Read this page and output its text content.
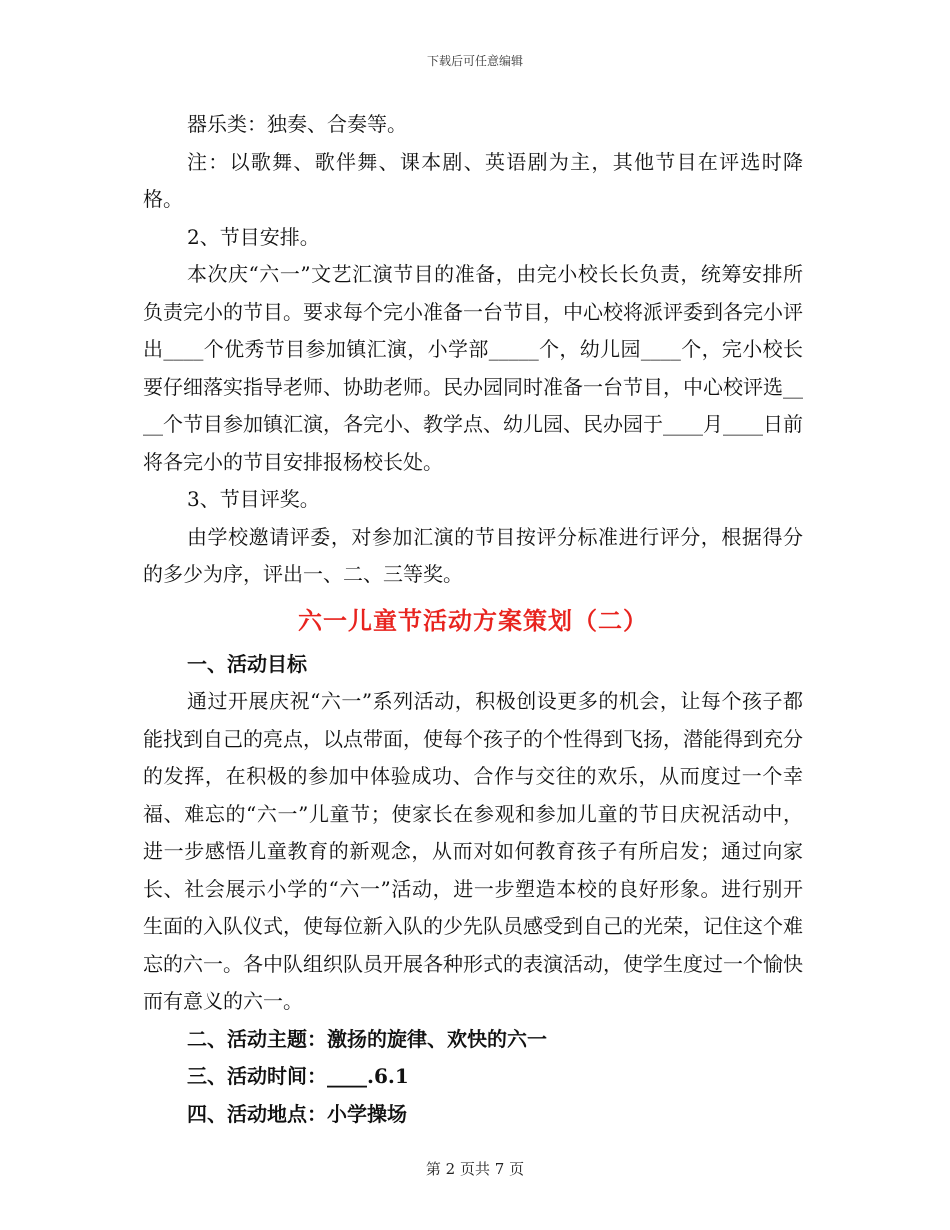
下载后可任意编辑

器乐类：独奏、合奏等。

注：以歌舞、歌伴舞、课本剧、英语剧为主，其他节目在评选时降格。

2、节目安排。

本次庆“六一”文艺汇演节目的准备，由完小校长长负责，统筹安排所负责完小的节目。要求每个完小准备一台节目，中心校将派评委到各完小评出____个优秀节目参加镇汇演，小学部_____个，幼儿园____个，完小校长要仔细落实指导老师、协助老师。民办园同时准备一台节目，中心校评选____个节目参加镇汇演，各完小、教学点、幼儿园、民办园于____月____日前将各完小的节目安排报杨校长处。

3、节目评奖。

由学校邀请评委，对参加汇演的节目按评分标准进行评分，根据得分的多少为序，评出一、二、三等奖。

六一儿童节活动方案策划（二）

一、活动目标

通过开展庆祝“六一”系列活动，积极创设更多的机会，让每个孩子都能找到自己的亮点，以点带面，使每个孩子的个性得到飞扬，潜能得到充分的发挥，在积极的参加中体验成功、合作与交往的欢乐，从而度过一个幸福、难忘的“六一”儿童节；使家长在参观和参加儿童的节日庆祝活动中，进一步感悟儿童教育的新观念，从而对如何教育孩子有所启发；通过向家长、社会展示小学的“六一”活动，进一步塑造本校的良好形象。进行别开生面的入队仪式，使每位新入队的少先队员感受到自己的光荣，记住这个难忘的六一。各中队组织队员开展各种形式的表演活动，使学生度过一个愉快而有意义的六一。

二、活动主题：激扬的旋律、欢快的六一

三、活动时间：____.6.1

四、活动地点：小学操场

第 2 页共 7 页
